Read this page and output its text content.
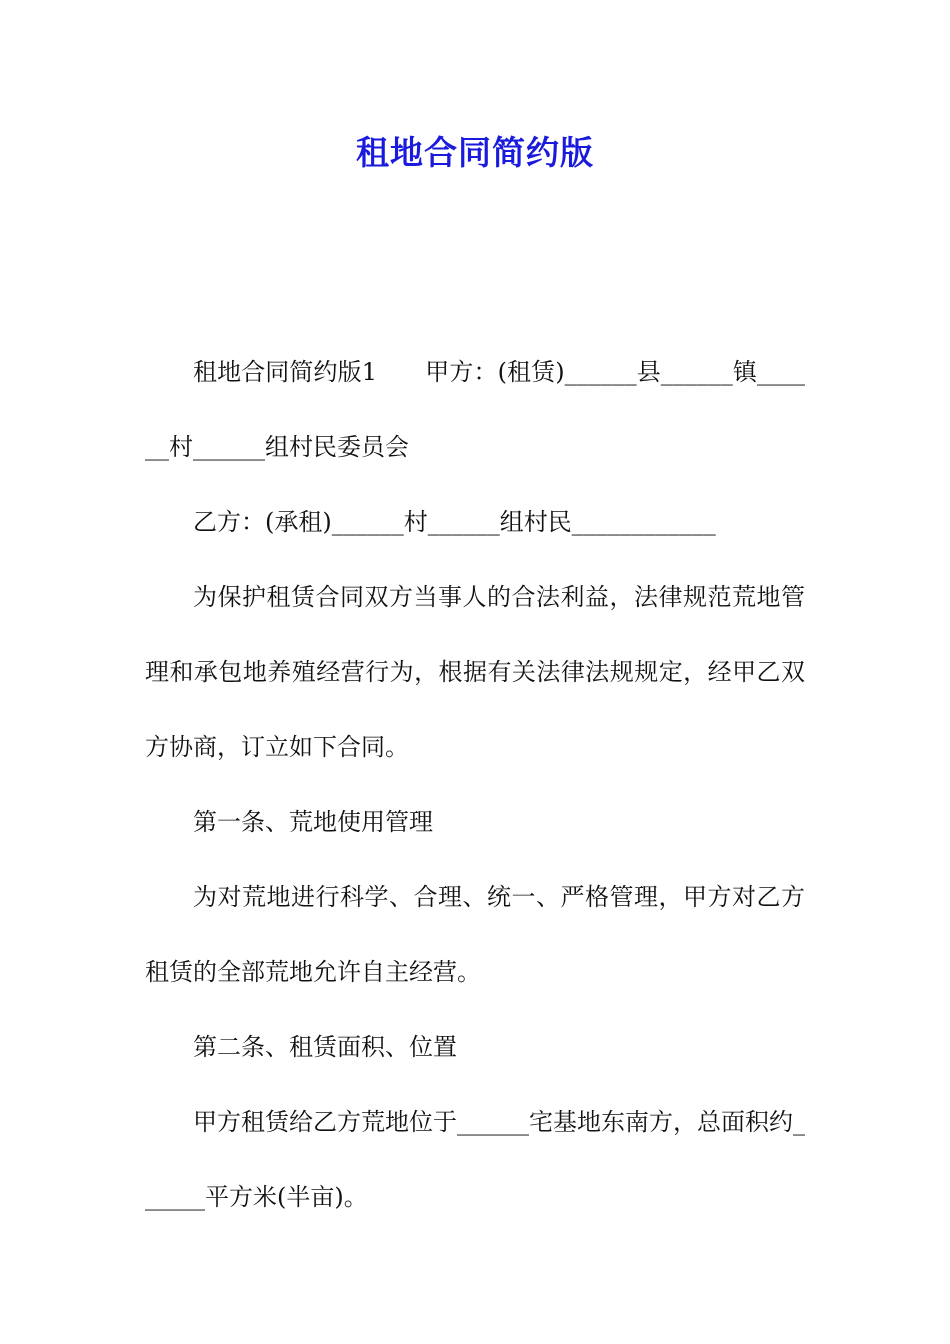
租地合同简约版

租地合同简约版1　　甲方：(租赁)______县______镇______村______组村民委员会

乙方：(承租)______村______组村民____________

为保护租赁合同双方当事人的合法利益，法律规范荒地管理和承包地养殖经营行为，根据有关法律法规规定，经甲乙双方协商，订立如下合同。

第一条、荒地使用管理

为对荒地进行科学、合理、统一、严格管理，甲方对乙方租赁的全部荒地允许自主经营。

第二条、租赁面积、位置

甲方租赁给乙方荒地位于______宅基地东南方，总面积约______平方米(半亩)。
